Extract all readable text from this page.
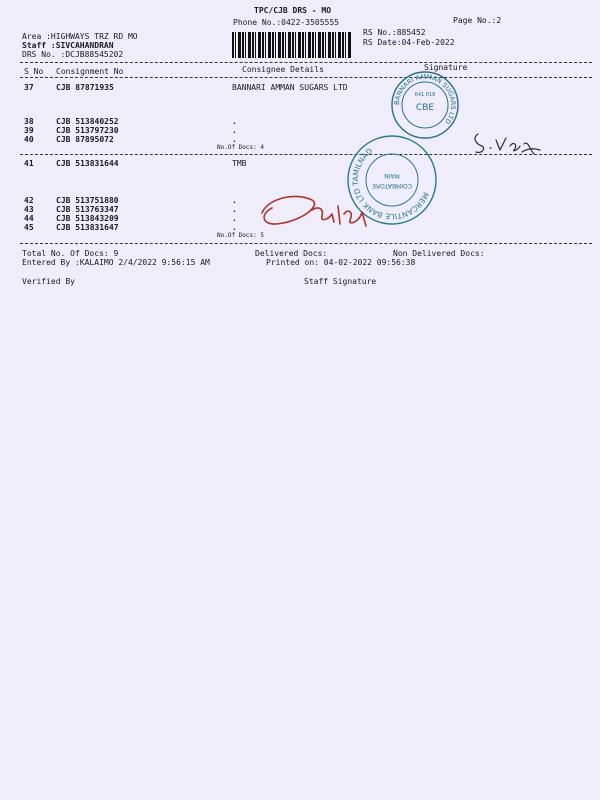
TPC/CJB DRS - MO
Phone No.:0422-3505555	Page No.:2
Area :HIGHWAYS TRZ RD MO
Staff :SIVCAHANDRAN
DRS No. :DCJB88545202
RS No.:885452
RS Date:04-Feb-2022
S No Consignment No	Consignee Details	Signature
37	CJB 87871935	BANNARI AMMAN SUGARS LTD
38	CJB 513840252	.
39	CJB 513797230	.
40	CJB 87895072	.
No.Of Docs: 4
41	CJB 513831644	TMB
42	CJB 513751880	.
43	CJB 513763347	.
44	CJB 513843209	.
45	CJB 513831647	.
No.Of Docs: 5
Total No. Of Docs: 9	Delivered Docs:	Non Delivered Docs:
Entered By :KALAIMO 2/4/2022 9:56:15 AM	Printed on: 04-02-2022 09:56:38
Verified By	Staff Signature
BANNARI AMMAN SUGARS LTD
CBE
641 018
MERCANTILE BANK LTD TAMILNAD
COIMBATORE
MAIN
